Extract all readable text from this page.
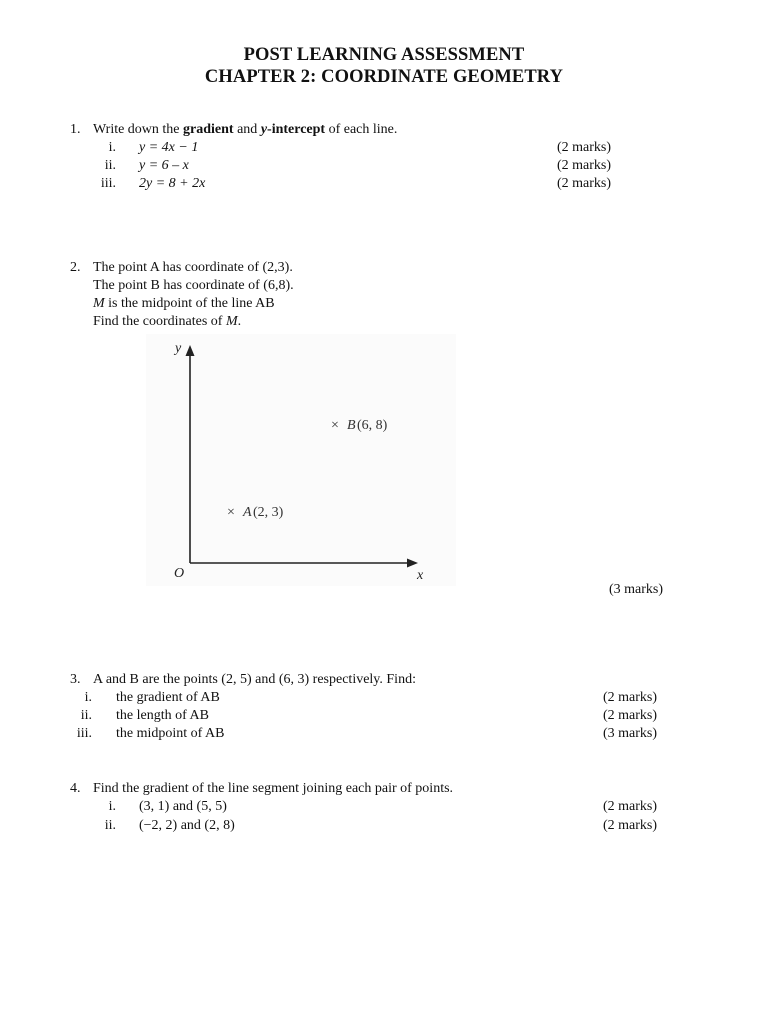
POST LEARNING ASSESSMENT
CHAPTER 2: COORDINATE GEOMETRY
1. Write down the gradient and y-intercept of each line.
i. y = 4x − 1	(2 marks)
ii. y = 6 – x	(2 marks)
iii. 2y = 8 + 2x	(2 marks)
2. The point A has coordinate of (2,3).
The point B has coordinate of (6,8).
M is the midpoint of the line AB
Find the coordinates of M.
y
x
O
× A (2, 3)
× B (6, 8)
(3 marks)
3. A and B are the points (2, 5) and (6, 3) respectively. Find:
i. the gradient of AB	(2 marks)
ii. the length of AB	(2 marks)
iii. the midpoint of AB	(3 marks)
4. Find the gradient of the line segment joining each pair of points.
i. (3, 1) and (5, 5)	(2 marks)
ii. (−2, 2) and (2, 8)	(2 marks)
